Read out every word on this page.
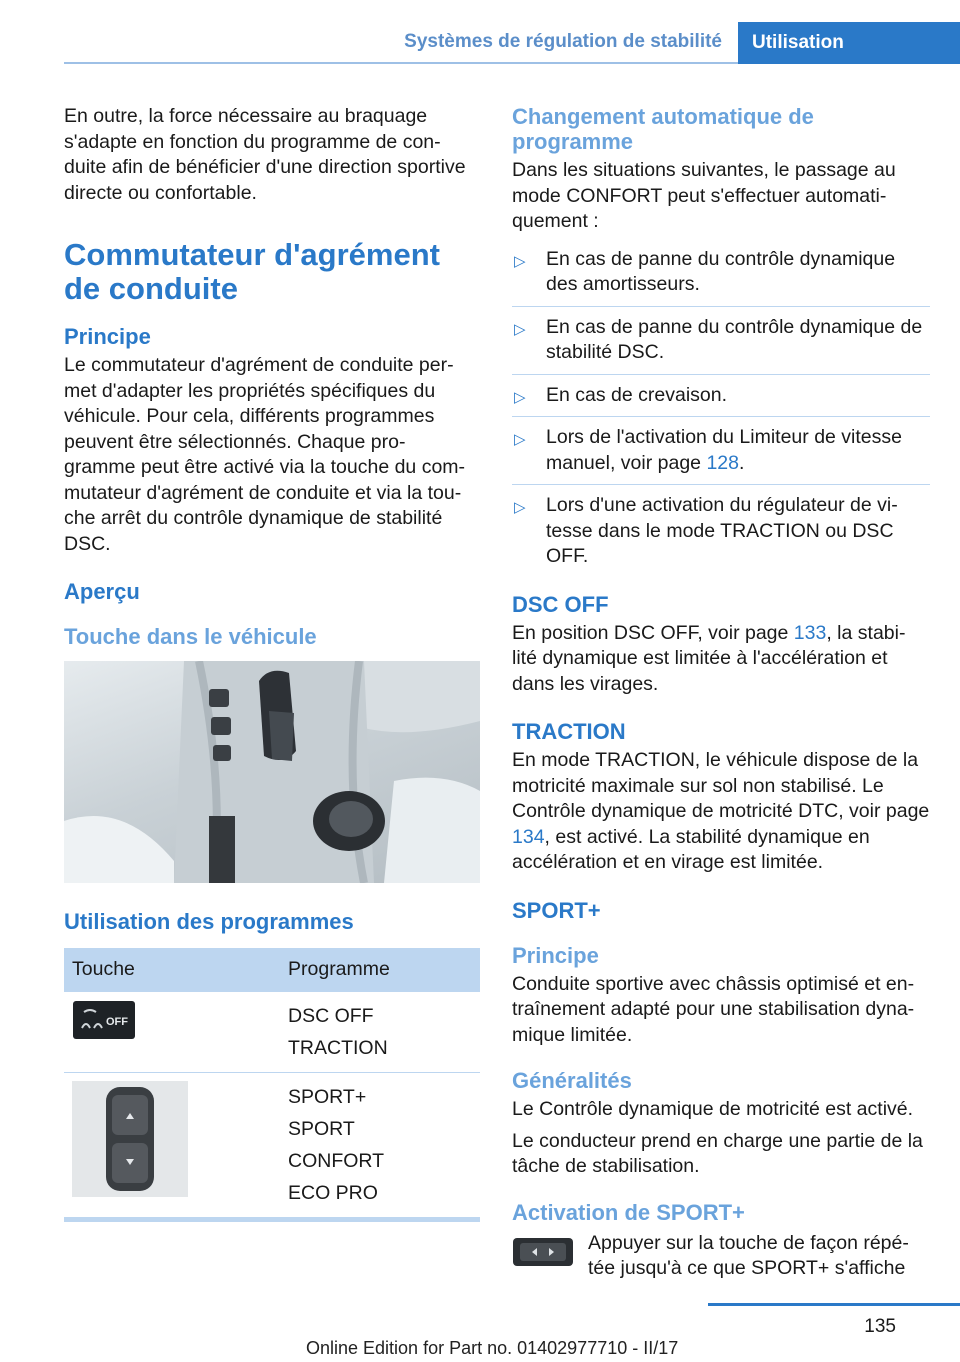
Systèmes de régulation de stabilité	Utilisation

En outre, la force nécessaire au braquage s'adapte en fonction du programme de con‐ duite afin de bénéficier d'une direction sportive directe ou confortable.

Commutateur d'agrément de conduite
Principe

Le commutateur d'agrément de conduite per‐ met d'adapter les propriétés spécifiques du véhicule. Pour cela, différents programmes peuvent être sélectionnés. Chaque pro‐ gramme peut être activé via la touche du com‐ mutateur d'agrément de conduite et via la tou‐ che arrêt du contrôle dynamique de stabilité DSC.

Aperçu
Touche dans le véhicule
Utilisation des programmes
Touche	Programme

OFF	DSC OFF
TRACTION

SPORT+
SPORT
CONFORT
ECO PRO
Changement automatique de programme

Dans les situations suivantes, le passage au mode CONFORT peut s'effectuer automati‐ quement :

▷ En cas de panne du contrôle dynamique des amortisseurs.
▷ En cas de panne du contrôle dynamique de stabilité DSC.
▷ En cas de crevaison.
▷ Lors de l'activation du Limiteur de vitesse manuel, voir page 128.
▷ Lors d'une activation du régulateur de vi‐ tesse dans le mode TRACTION ou DSC OFF.
DSC OFF

En position DSC OFF, voir page 133, la stabi‐ lité dynamique est limitée à l'accélération et dans les virages.

TRACTION

En mode TRACTION, le véhicule dispose de la motricité maximale sur sol non stabilisé. Le Contrôle dynamique de motricité DTC, voir page 134, est activé. La stabilité dynamique en accélération et en virage est limitée.

SPORT+
Principe

Conduite sportive avec châssis optimisé et en‐ traînement adapté pour une stabilisation dyna‐ mique limitée.

Généralités

Le Contrôle dynamique de motricité est activé.

Le conducteur prend en charge une partie de la tâche de stabilisation.

Activation de SPORT+

Appuyer sur la touche de façon répé‐ tée jusqu'à ce que SPORT+ s'affiche

135
Online Edition for Part no. 01402977710 - II/17
